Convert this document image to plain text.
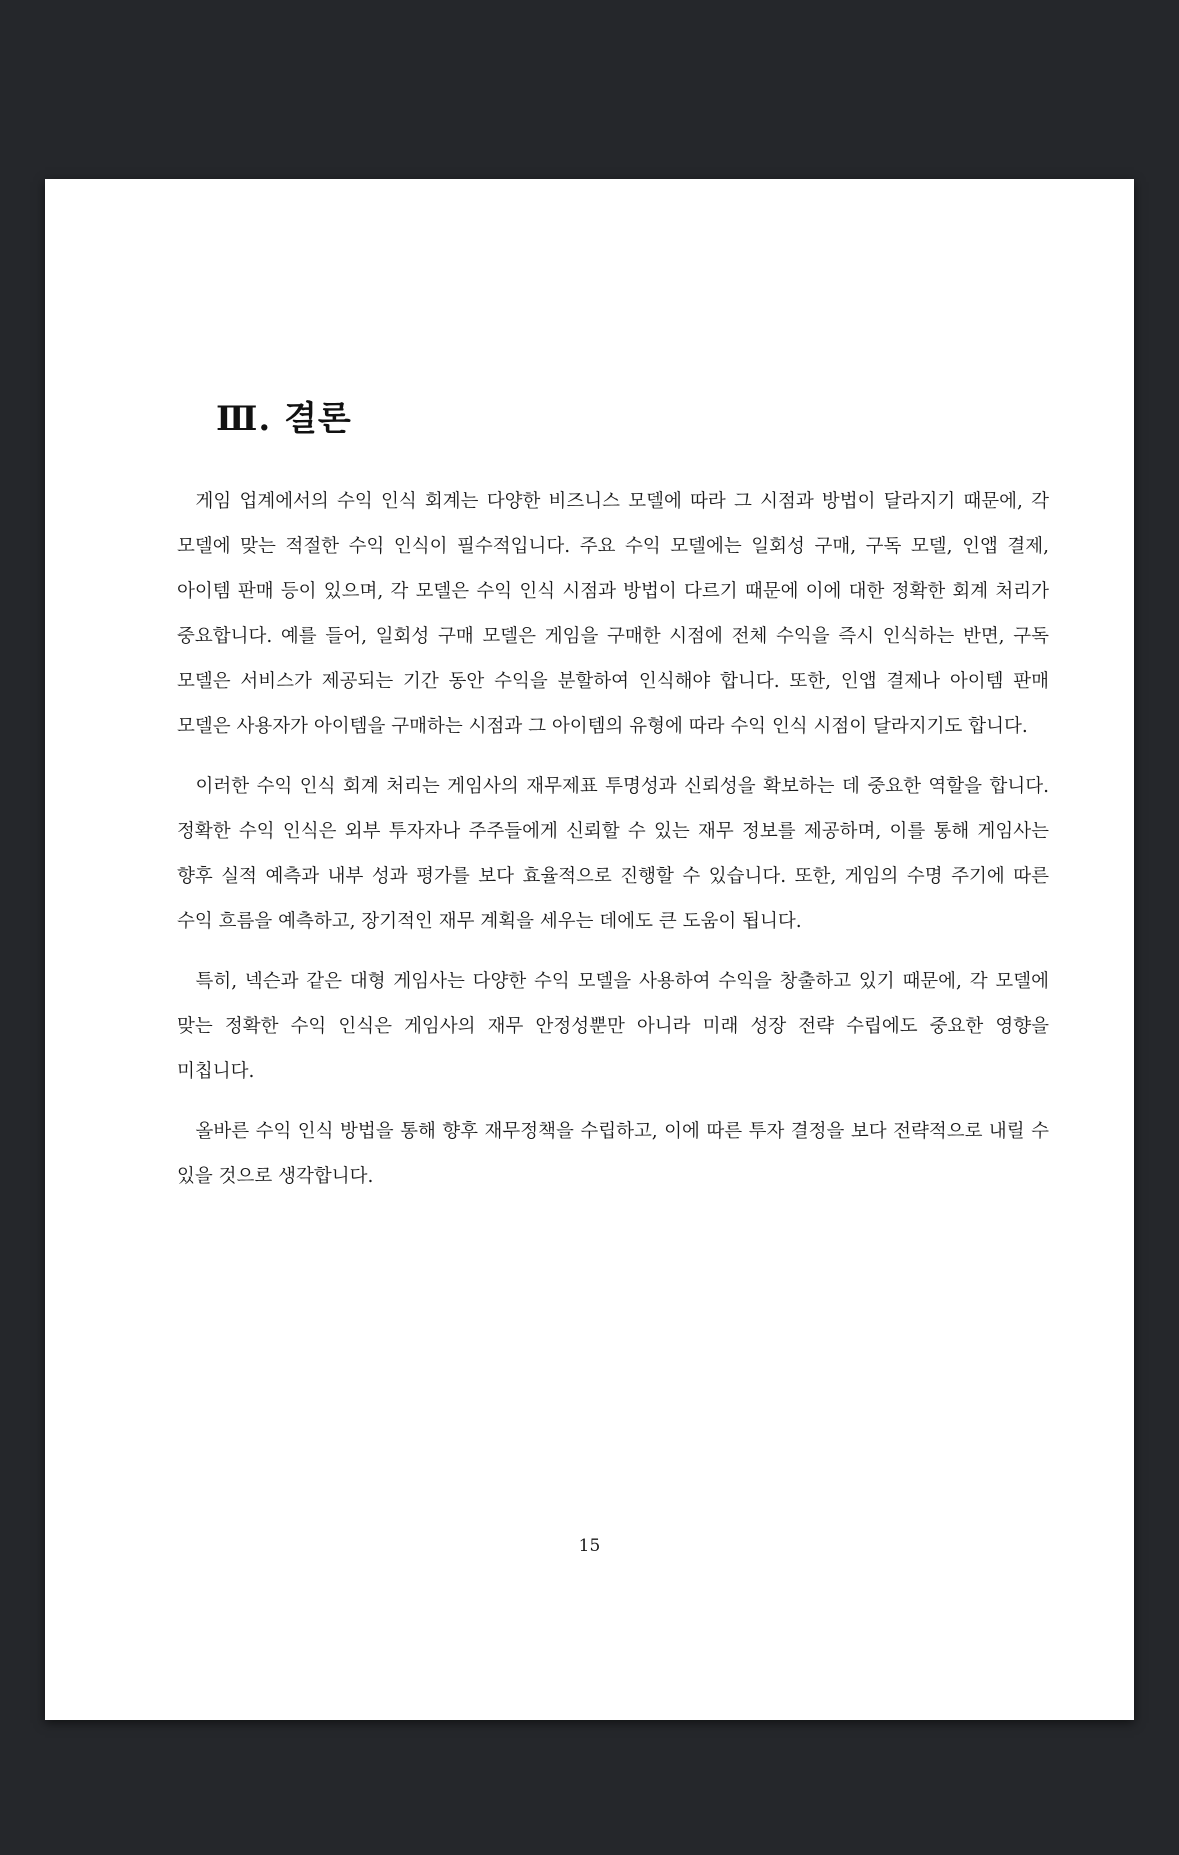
Ⅲ. 결론

게임 업계에서의 수익 인식 회계는 다양한 비즈니스 모델에 따라 그 시점과 방법이 달라지기 때문에, 각 모델에 맞는 적절한 수익 인식이 필수적입니다. 주요 수익 모델에는 일회성 구매, 구독 모델, 인앱 결제, 아이템 판매 등이 있으며, 각 모델은 수익 인식 시점과 방법이 다르기 때문에 이에 대한 정확한 회계 처리가 중요합니다. 예를 들어, 일회성 구매 모델은 게임을 구매한 시점에 전체 수익을 즉시 인식하는 반면, 구독 모델은 서비스가 제공되는 기간 동안 수익을 분할하여 인식해야 합니다. 또한, 인앱 결제나 아이템 판매 모델은 사용자가 아이템을 구매하는 시점과 그 아이템의 유형에 따라 수익 인식 시점이 달라지기도 합니다.

이러한 수익 인식 회계 처리는 게임사의 재무제표 투명성과 신뢰성을 확보하는 데 중요한 역할을 합니다. 정확한 수익 인식은 외부 투자자나 주주들에게 신뢰할 수 있는 재무 정보를 제공하며, 이를 통해 게임사는 향후 실적 예측과 내부 성과 평가를 보다 효율적으로 진행할 수 있습니다. 또한, 게임의 수명 주기에 따른 수익 흐름을 예측하고, 장기적인 재무 계획을 세우는 데에도 큰 도움이 됩니다.

특히, 넥슨과 같은 대형 게임사는 다양한 수익 모델을 사용하여 수익을 창출하고 있기 때문에, 각 모델에 맞는 정확한 수익 인식은 게임사의 재무 안정성뿐만 아니라 미래 성장 전략 수립에도 중요한 영향을 미칩니다.

올바른 수익 인식 방법을 통해 향후 재무정책을 수립하고, 이에 따른 투자 결정을 보다 전략적으로 내릴 수 있을 것으로 생각합니다.

15
